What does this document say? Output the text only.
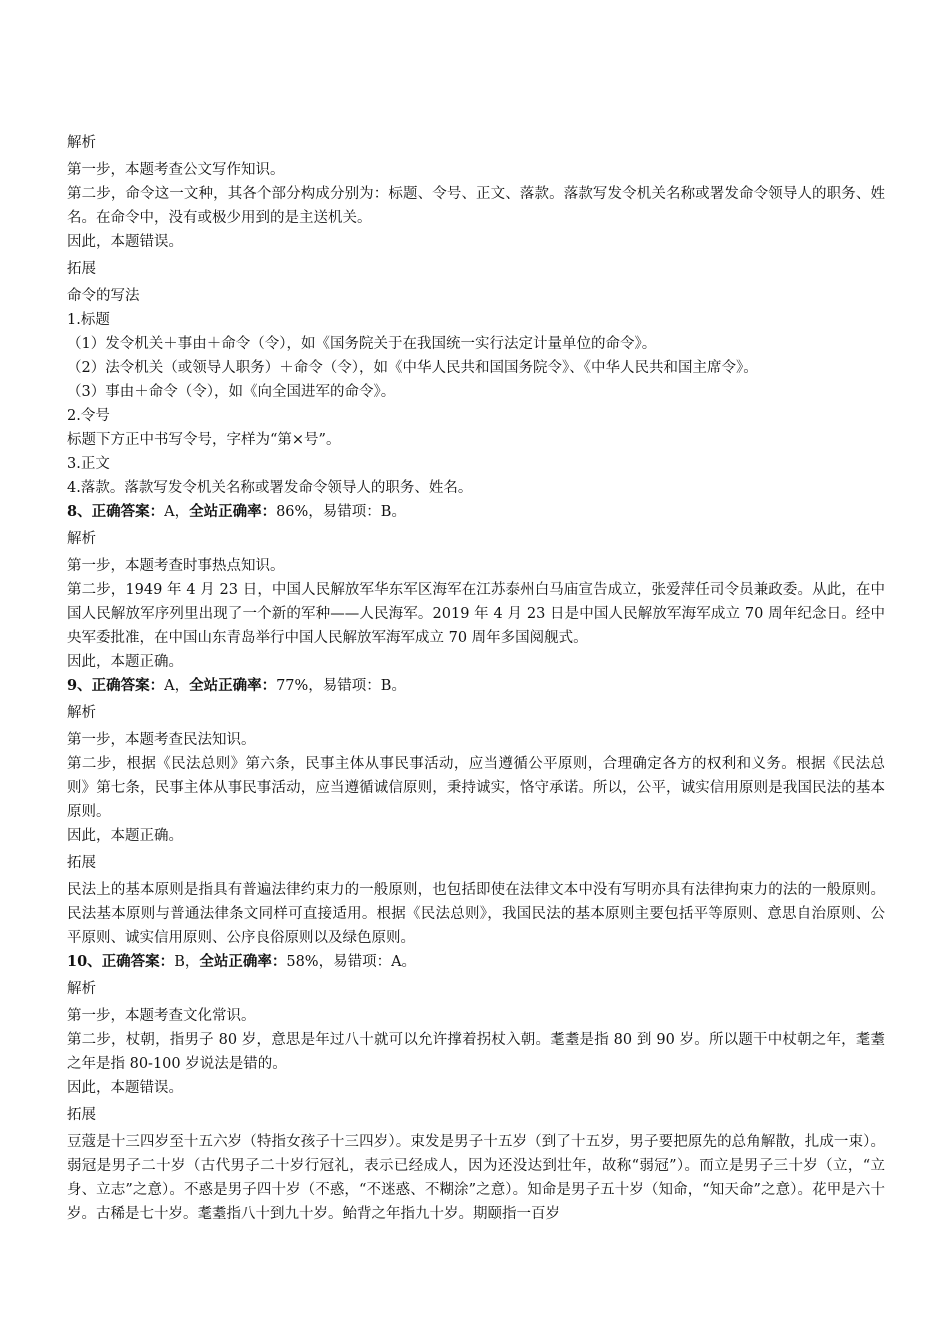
解析

第一步，本题考查公文写作知识。

第二步，命令这一文种，其各个部分构成分别为：标题、令号、正文、落款。落款写发令机关名称或署发命令领导人的职务、姓名。在命令中，没有或极少用到的是主送机关。

因此，本题错误。

拓展

命令的写法

1.标题

（1）发令机关＋事由＋命令（令），如《国务院关于在我国统一实行法定计量单位的命令》。

（2）法令机关（或领导人职务）＋命令（令），如《中华人民共和国国务院令》、《中华人民共和国主席令》。

（3）事由＋命令（令），如《向全国进军的命令》。

2.令号

标题下方正中书写令号，字样为“第×号”。

3.正文

4.落款。落款写发令机关名称或署发命令领导人的职务、姓名。

8、正确答案：A，全站正确率：86%，易错项：B。

解析

第一步，本题考查时事热点知识。

第二步，1949 年 4 月 23 日，中国人民解放军华东军区海军在江苏泰州白马庙宣告成立，张爱萍任司令员兼政委。从此，在中国人民解放军序列里出现了一个新的军种——人民海军。2019 年 4 月 23 日是中国人民解放军海军成立 70 周年纪念日。经中央军委批准，在中国山东青岛举行中国人民解放军海军成立 70 周年多国阅舰式。

因此，本题正确。

9、正确答案：A，全站正确率：77%，易错项：B。

解析

第一步，本题考查民法知识。

第二步，根据《民法总则》第六条，民事主体从事民事活动，应当遵循公平原则，合理确定各方的权利和义务。根据《民法总则》第七条，民事主体从事民事活动，应当遵循诚信原则，秉持诚实，恪守承诺。所以，公平，诚实信用原则是我国民法的基本原则。

因此，本题正确。

拓展

民法上的基本原则是指具有普遍法律约束力的一般原则，也包括即使在法律文本中没有写明亦具有法律拘束力的法的一般原则。民法基本原则与普通法律条文同样可直接适用。根据《民法总则》，我国民法的基本原则主要包括平等原则、意思自治原则、公平原则、诚实信用原则、公序良俗原则以及绿色原则。

10、正确答案：B，全站正确率：58%，易错项：A。

解析

第一步，本题考查文化常识。

第二步，杖朝，指男子 80 岁，意思是年过八十就可以允许撑着拐杖入朝。耄耋是指 80 到 90 岁。所以题干中杖朝之年，耄耋之年是指 80-100 岁说法是错的。

因此，本题错误。

拓展

豆蔻是十三四岁至十五六岁（特指女孩子十三四岁）。束发是男子十五岁（到了十五岁，男子要把原先的总角解散，扎成一束）。弱冠是男子二十岁（古代男子二十岁行冠礼，表示已经成人，因为还没达到壮年，故称“弱冠”）。而立是男子三十岁（立，“立身、立志”之意）。不惑是男子四十岁（不惑，“不迷惑、不糊涂”之意）。知命是男子五十岁（知命，“知天命”之意）。花甲是六十岁。古稀是七十岁。耄耋指八十到九十岁。鲐背之年指九十岁。期颐指一百岁
